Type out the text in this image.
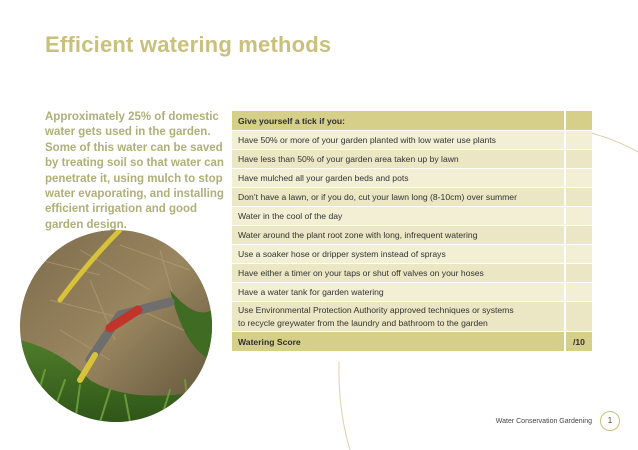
Efficient watering methods

Approximately 25% of domestic water gets used in the garden. Some of this water can be saved by treating soil so that water can penetrate it, using mulch to stop water evaporating, and installing efficient irrigation and good garden design.

Give yourself a tick if you:	
Have 50% or more of your garden planted with low water use plants	
Have less than 50% of your garden area taken up by lawn	
Have mulched all your garden beds and pots	
Don’t have a lawn, or if you do, cut your lawn long (8-10cm) over summer	
Water in the cool of the day	
Water around the plant root zone with long, infrequent watering	
Use a soaker hose or dripper system instead of sprays	
Have either a timer on your taps or shut off valves on your hoses	
Have a water tank for garden watering	
Use Environmental Protection Authority approved techniques or systems
to recycle greywater from the laundry and bathroom to the garden	
Watering Score	/10
Water Conservation Gardening	1
